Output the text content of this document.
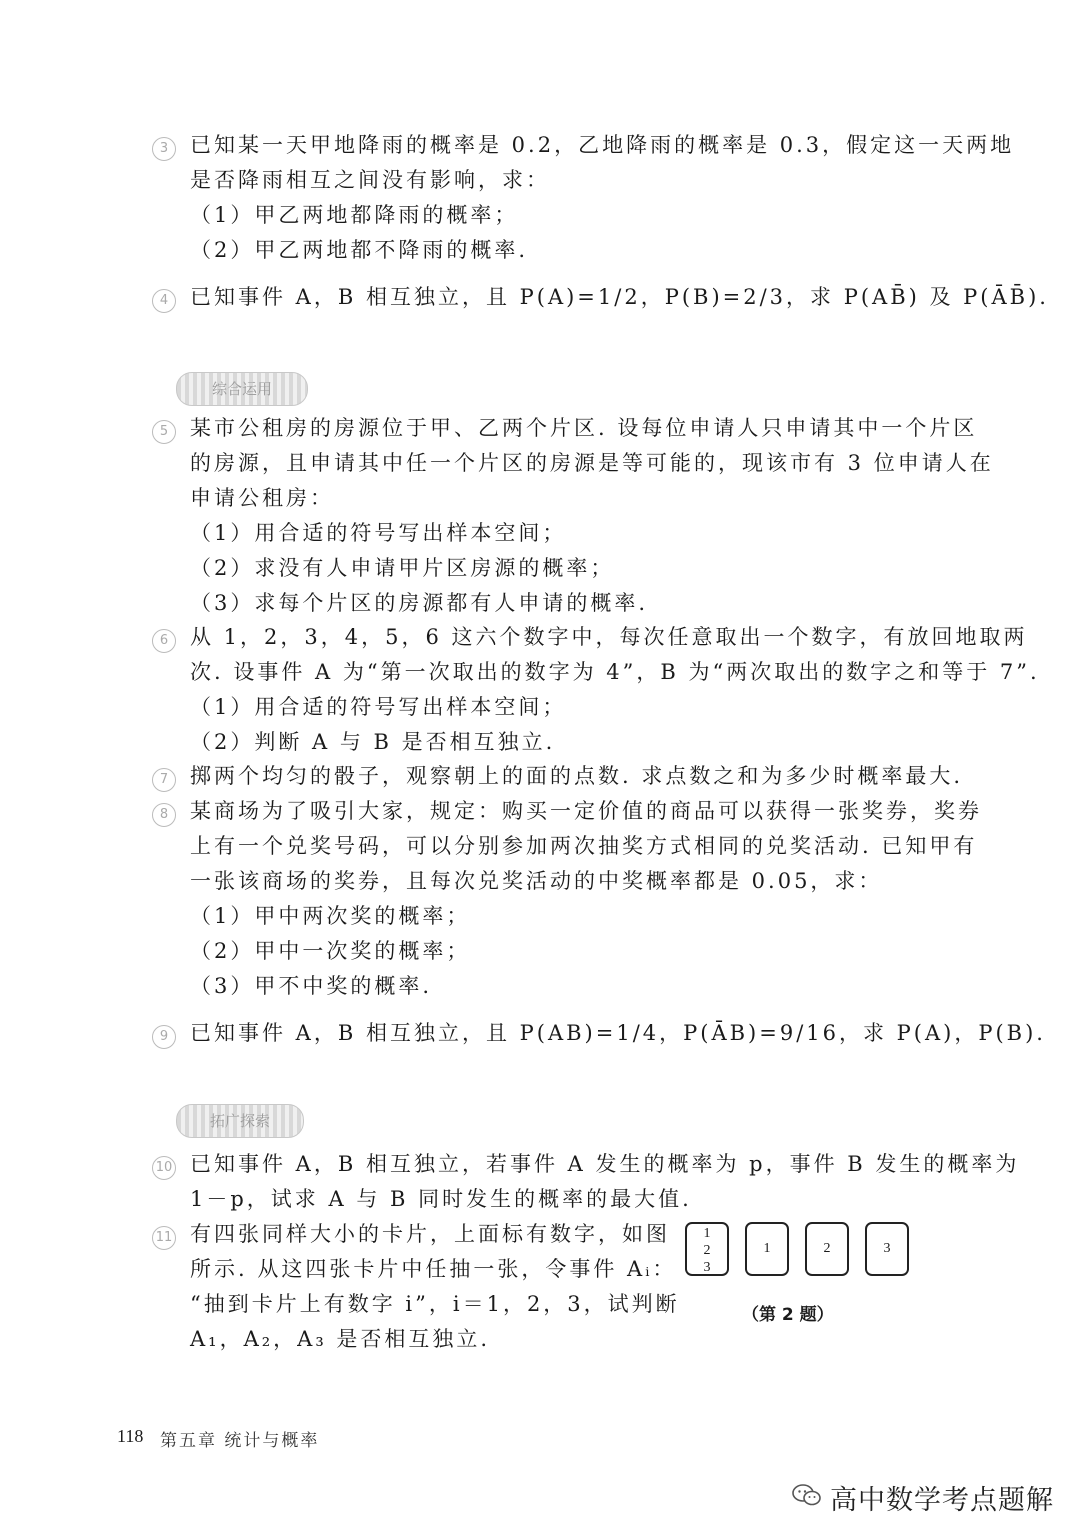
3	已知某一天甲地降雨的概率是 0.2，乙地降雨的概率是 0.3，假定这一天两地
是否降雨相互之间没有影响，求：
（1）甲乙两地都降雨的概率；
（2）甲乙两地都不降雨的概率.
4	已知事件 A，B 相互独立，且 P(A)=1/2，P(B)=2/3，求 P(AB̄) 及 P(ĀB̄).
综合运用
5	某市公租房的房源位于甲、乙两个片区. 设每位申请人只申请其中一个片区
的房源，且申请其中任一个片区的房源是等可能的，现该市有 3 位申请人在
申请公租房：
（1）用合适的符号写出样本空间；
（2）求没有人申请甲片区房源的概率；
（3）求每个片区的房源都有人申请的概率.
6	从 1，2，3，4，5，6 这六个数字中，每次任意取出一个数字，有放回地取两
次. 设事件 A 为“第一次取出的数字为 4”，B 为“两次取出的数字之和等于 7”.
（1）用合适的符号写出样本空间；
（2）判断 A 与 B 是否相互独立.
7	掷两个均匀的骰子，观察朝上的面的点数. 求点数之和为多少时概率最大.
8	某商场为了吸引大家，规定：购买一定价值的商品可以获得一张奖券，奖券
上有一个兑奖号码，可以分别参加两次抽奖方式相同的兑奖活动. 已知甲有
一张该商场的奖券，且每次兑奖活动的中奖概率都是 0.05，求：
（1）甲中两次奖的概率；
（2）甲中一次奖的概率；
（3）甲不中奖的概率.
9	已知事件 A，B 相互独立，且 P(AB)=1/4，P(ĀB)=9/16，求 P(A)，P(B).
拓广探索
10 已知事件 A，B 相互独立，若事件 A 发生的概率为 p，事件 B 发生的概率为
1－p，试求 A 与 B 同时发生的概率的最大值.
11 有四张同样大小的卡片，上面标有数字，如图
所示. 从这四张卡片中任抽一张，令事件 Aᵢ：
“抽到卡片上有数字 i”，i＝1，2，3，试判断
A₁，A₂，A₃ 是否相互独立.
1
2
3
1	2	3
（第 2 题）
118 第五章 统计与概率
高中数学考点题解
